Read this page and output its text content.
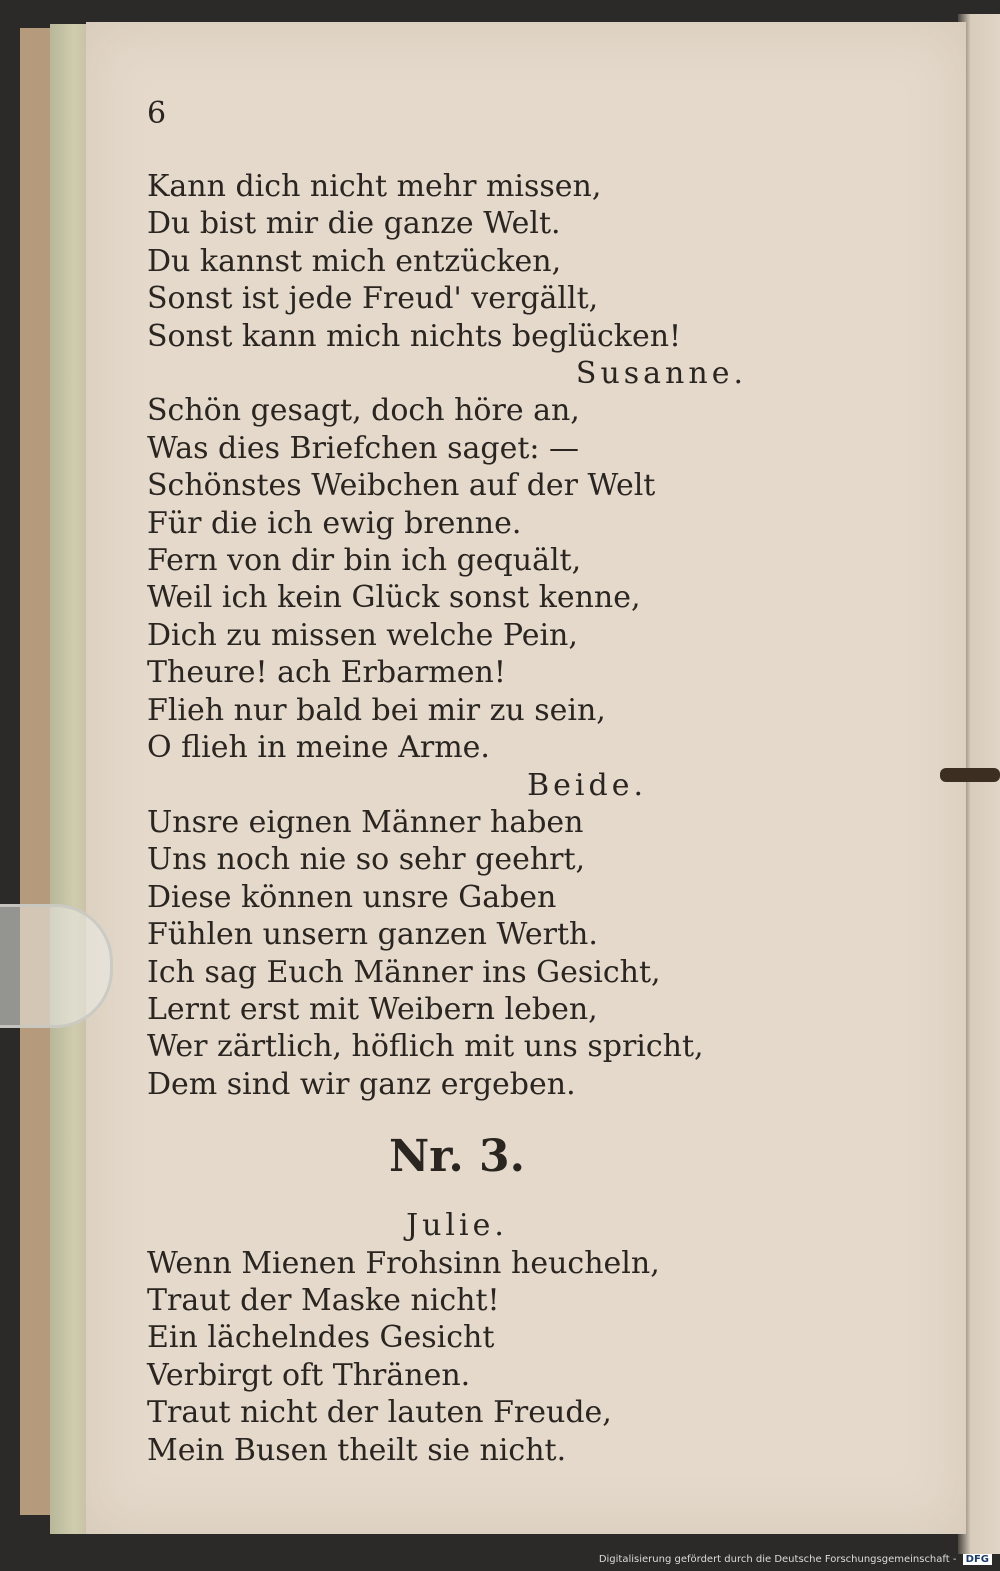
6
Kann dich nicht mehr missen,
Du bist mir die ganze Welt.
Du kannst mich entzücken,
Sonst ist jede Freud' vergällt,
Sonst kann mich nichts beglücken!
Susanne.
Schön gesagt, doch höre an,
Was dies Briefchen saget: —
Schönstes Weibchen auf der Welt
Für die ich ewig brenne.
Fern von dir bin ich gequält,
Weil ich kein Glück sonst kenne,
Dich zu missen welche Pein,
Theure! ach Erbarmen!
Flieh nur bald bei mir zu sein,
O flieh in meine Arme.
Beide.
Unsre eignen Männer haben
Uns noch nie so sehr geehrt,
Diese können unsre Gaben
Fühlen unsern ganzen Werth.
Ich sag Euch Männer ins Gesicht,
Lernt erst mit Weibern leben,
Wer zärtlich, höflich mit uns spricht,
Dem sind wir ganz ergeben.
Nr. 3.
Julie.
Wenn Mienen Frohsinn heucheln,
Traut der Maske nicht!
Ein lächelndes Gesicht
Verbirgt oft Thränen.
Traut nicht der lauten Freude,
Mein Busen theilt sie nicht.
Digitalisierung gefördert durch die Deutsche Forschungsgemeinschaft - DFG
